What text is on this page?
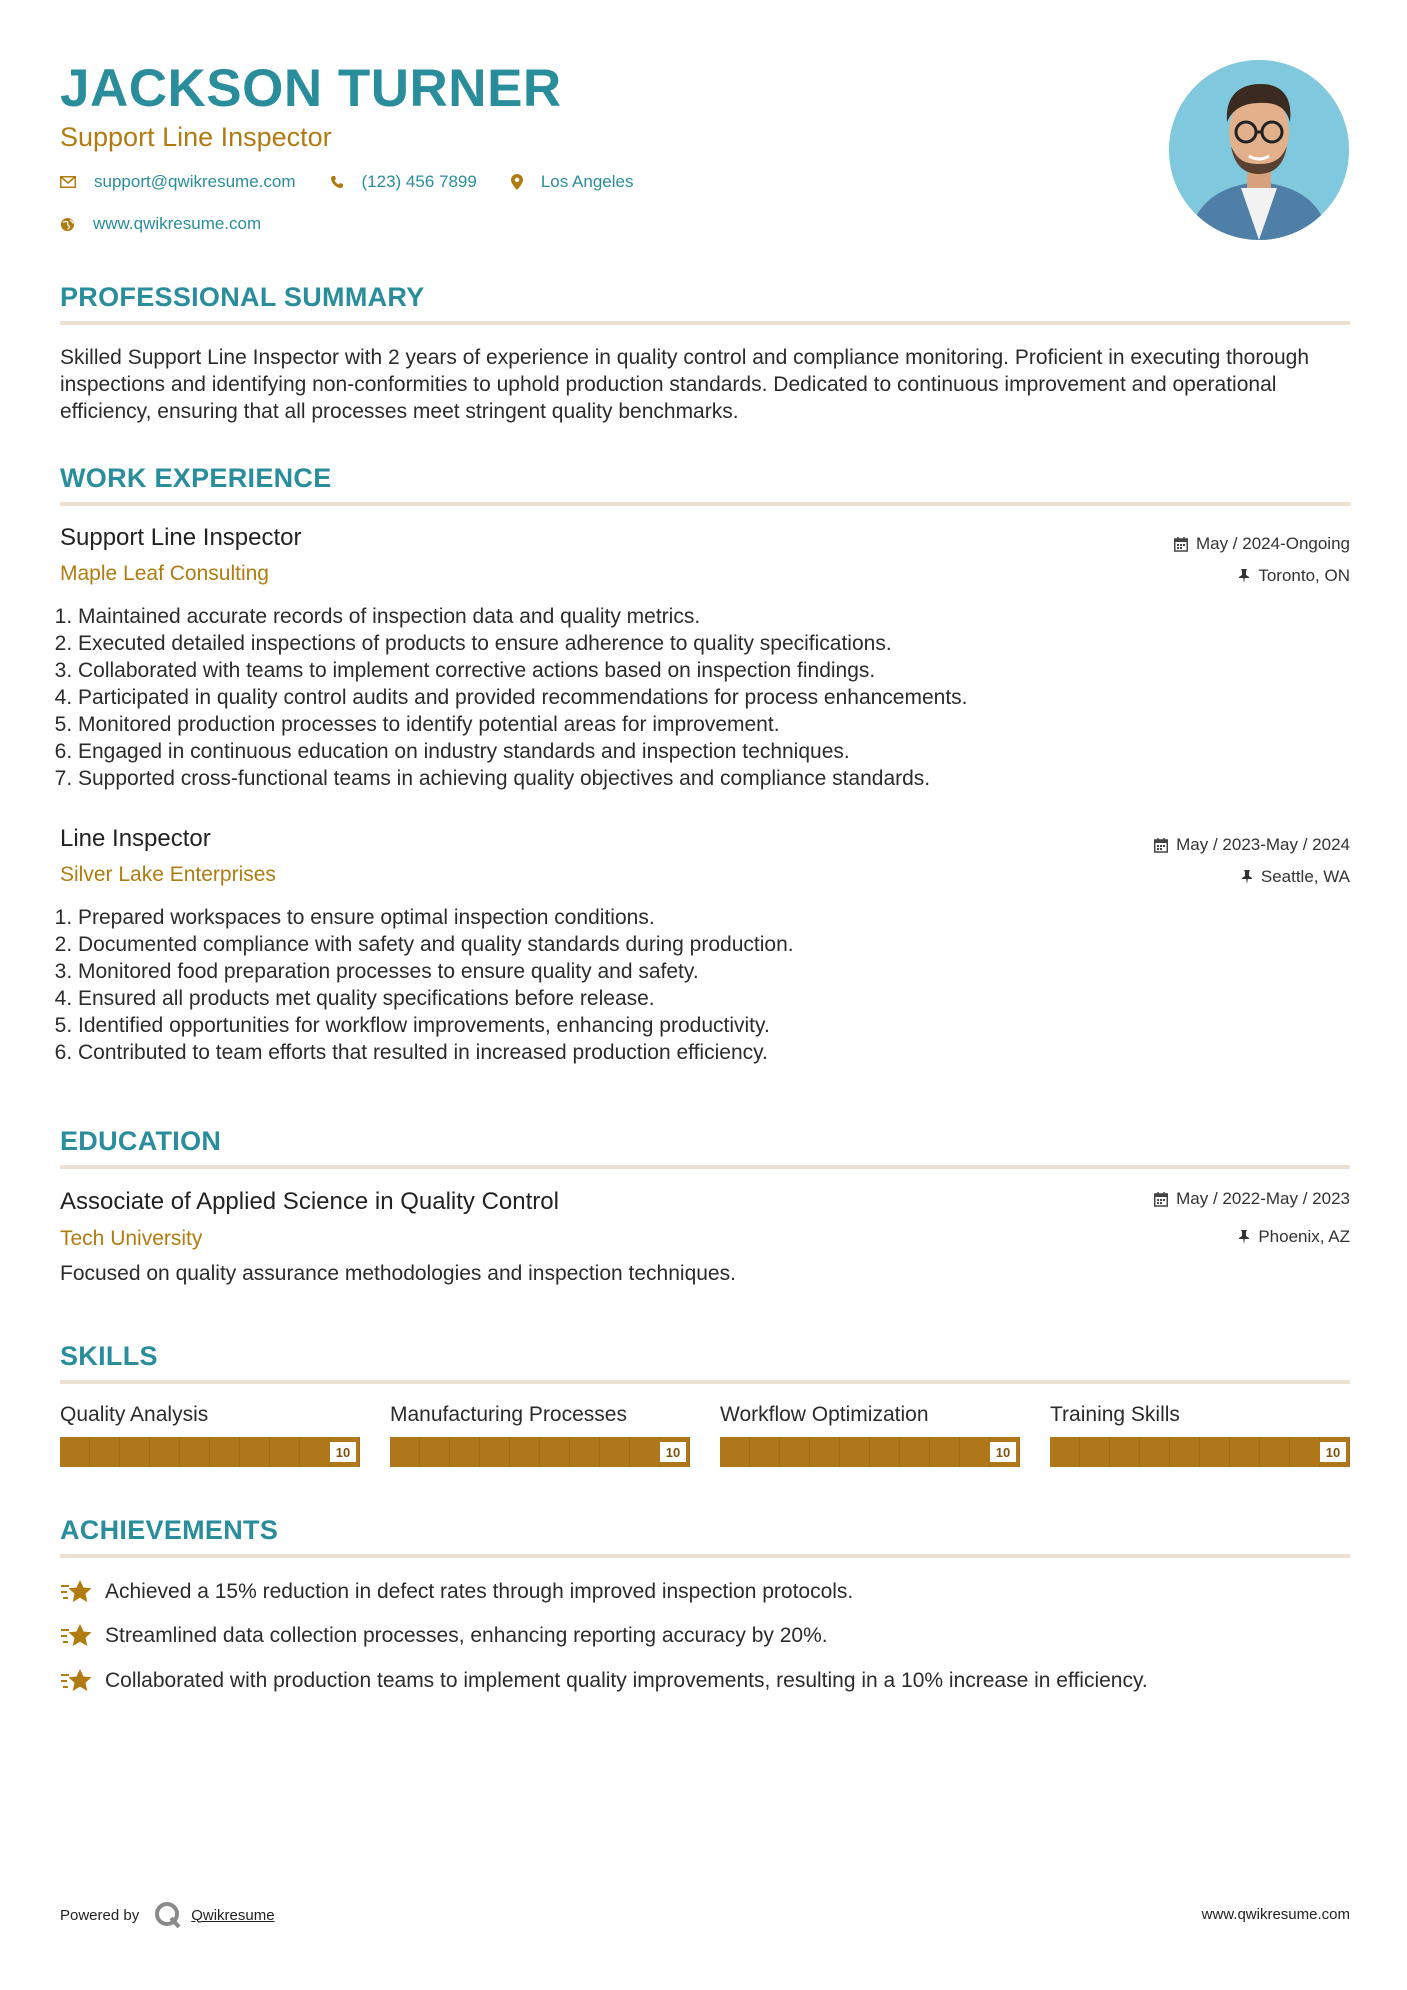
JACKSON TURNER
Support Line Inspector
support@qwikresume.com	(123) 456 7899	Los Angeles
www.qwikresume.com
PROFESSIONAL SUMMARY
Skilled Support Line Inspector with 2 years of experience in quality control and compliance monitoring. Proficient in executing thorough inspections and identifying non-conformities to uphold production standards. Dedicated to continuous improvement and operational efficiency, ensuring that all processes meet stringent quality benchmarks.
WORK EXPERIENCE
Support Line Inspector
Maple Leaf Consulting
May / 2024-Ongoing
Toronto, ON
1. Maintained accurate records of inspection data and quality metrics.
2. Executed detailed inspections of products to ensure adherence to quality specifications.
3. Collaborated with teams to implement corrective actions based on inspection findings.
4. Participated in quality control audits and provided recommendations for process enhancements.
5. Monitored production processes to identify potential areas for improvement.
6. Engaged in continuous education on industry standards and inspection techniques.
7. Supported cross-functional teams in achieving quality objectives and compliance standards.
Line Inspector
Silver Lake Enterprises
May / 2023-May / 2024
Seattle, WA
1. Prepared workspaces to ensure optimal inspection conditions.
2. Documented compliance with safety and quality standards during production.
3. Monitored food preparation processes to ensure quality and safety.
4. Ensured all products met quality specifications before release.
5. Identified opportunities for workflow improvements, enhancing productivity.
6. Contributed to team efforts that resulted in increased production efficiency.
EDUCATION
Associate of Applied Science in Quality Control
Tech University
May / 2022-May / 2023
Phoenix, AZ
Focused on quality assurance methodologies and inspection techniques.
SKILLS
Quality Analysis
10
Manufacturing Processes
10
Workflow Optimization
10
Training Skills
10
ACHIEVEMENTS
Achieved a 15% reduction in defect rates through improved inspection protocols.
Streamlined data collection processes, enhancing reporting accuracy by 20%.
Collaborated with production teams to implement quality improvements, resulting in a 10% increase in efficiency.
Powered by	Qwikresume	www.qwikresume.com
